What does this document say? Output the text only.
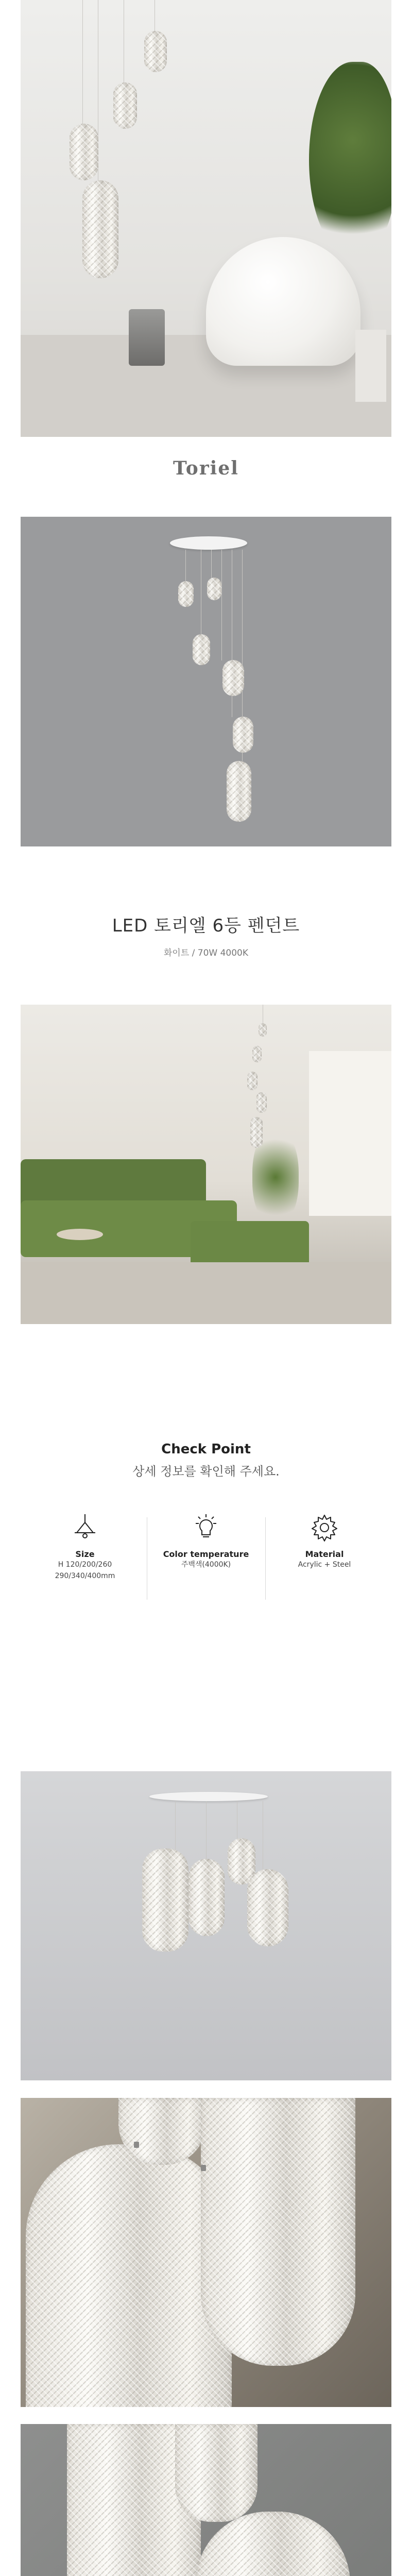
Toriel
LED 토리엘 6등 펜던트
화이트 / 70W 4000K
Check Point
상세 정보를 확인해 주세요.
Size
H 120/200/260
290/340/400mm
Color temperature
주백색(4000K)
Material
Acrylic + Steel
